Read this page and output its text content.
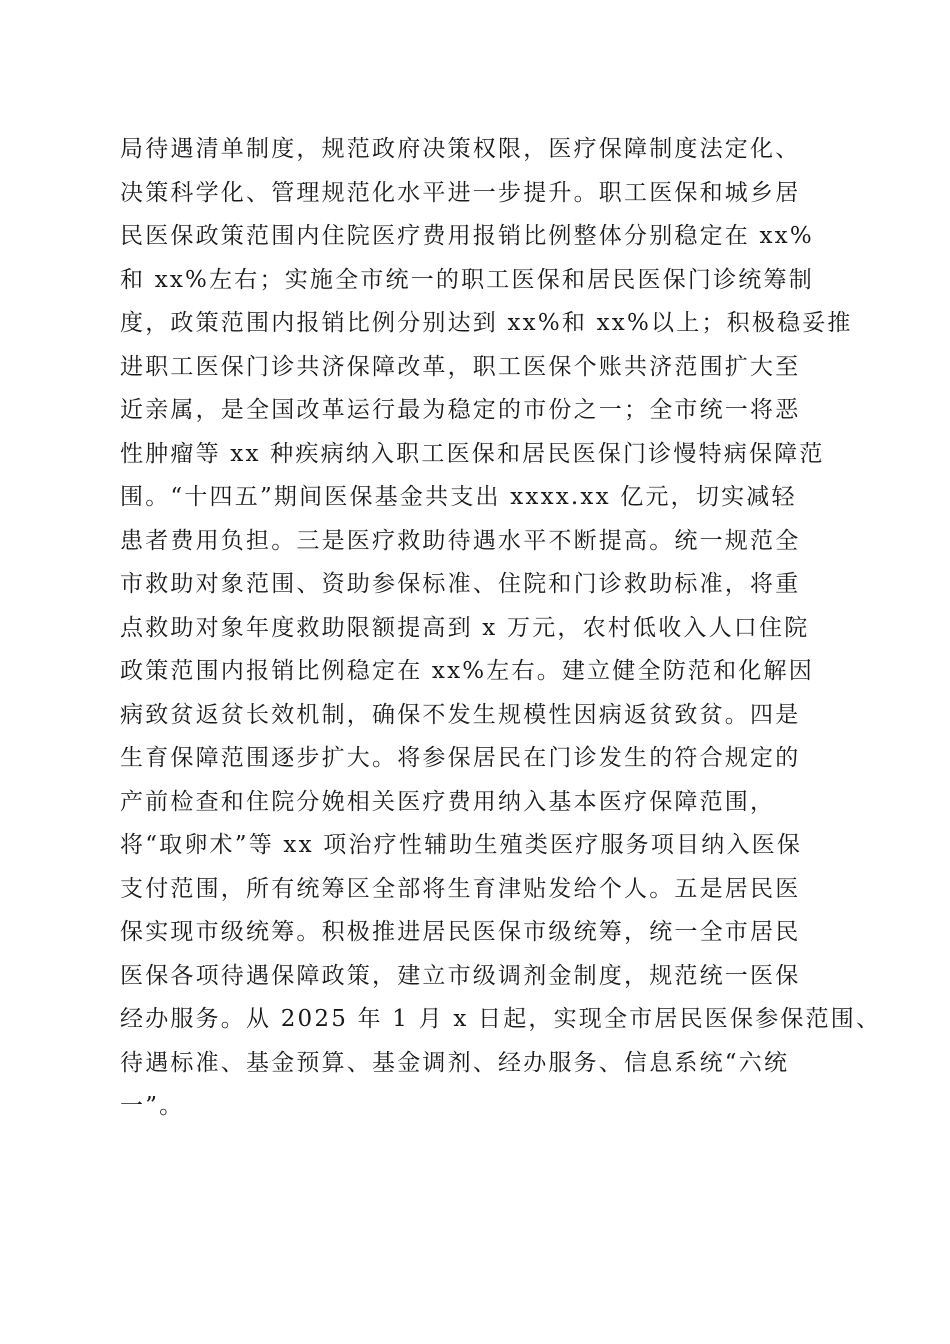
局待遇清单制度，规范政府决策权限，医疗保障制度法定化、
决策科学化、管理规范化水平进一步提升。职工医保和城乡居
民医保政策范围内住院医疗费用报销比例整体分别稳定在 xx%
和 xx%左右；实施全市统一的职工医保和居民医保门诊统筹制
度，政策范围内报销比例分别达到 xx%和 xx%以上；积极稳妥推
进职工医保门诊共济保障改革，职工医保个账共济范围扩大至
近亲属，是全国改革运行最为稳定的市份之一；全市统一将恶
性肿瘤等 xx 种疾病纳入职工医保和居民医保门诊慢特病保障范
围。“十四五”期间医保基金共支出 xxxx.xx 亿元，切实减轻
患者费用负担。三是医疗救助待遇水平不断提高。统一规范全
市救助对象范围、资助参保标准、住院和门诊救助标准，将重
点救助对象年度救助限额提高到 x 万元，农村低收入人口住院
政策范围内报销比例稳定在 xx%左右。建立健全防范和化解因
病致贫返贫长效机制，确保不发生规模性因病返贫致贫。四是
生育保障范围逐步扩大。将参保居民在门诊发生的符合规定的
产前检查和住院分娩相关医疗费用纳入基本医疗保障范围，
将“取卵术”等 xx 项治疗性辅助生殖类医疗服务项目纳入医保
支付范围，所有统筹区全部将生育津贴发给个人。五是居民医
保实现市级统筹。积极推进居民医保市级统筹，统一全市居民
医保各项待遇保障政策，建立市级调剂金制度，规范统一医保
经办服务。从 2025 年 1 月 x 日起，实现全市居民医保参保范围、
待遇标准、基金预算、基金调剂、经办服务、信息系统“六统
一”。
